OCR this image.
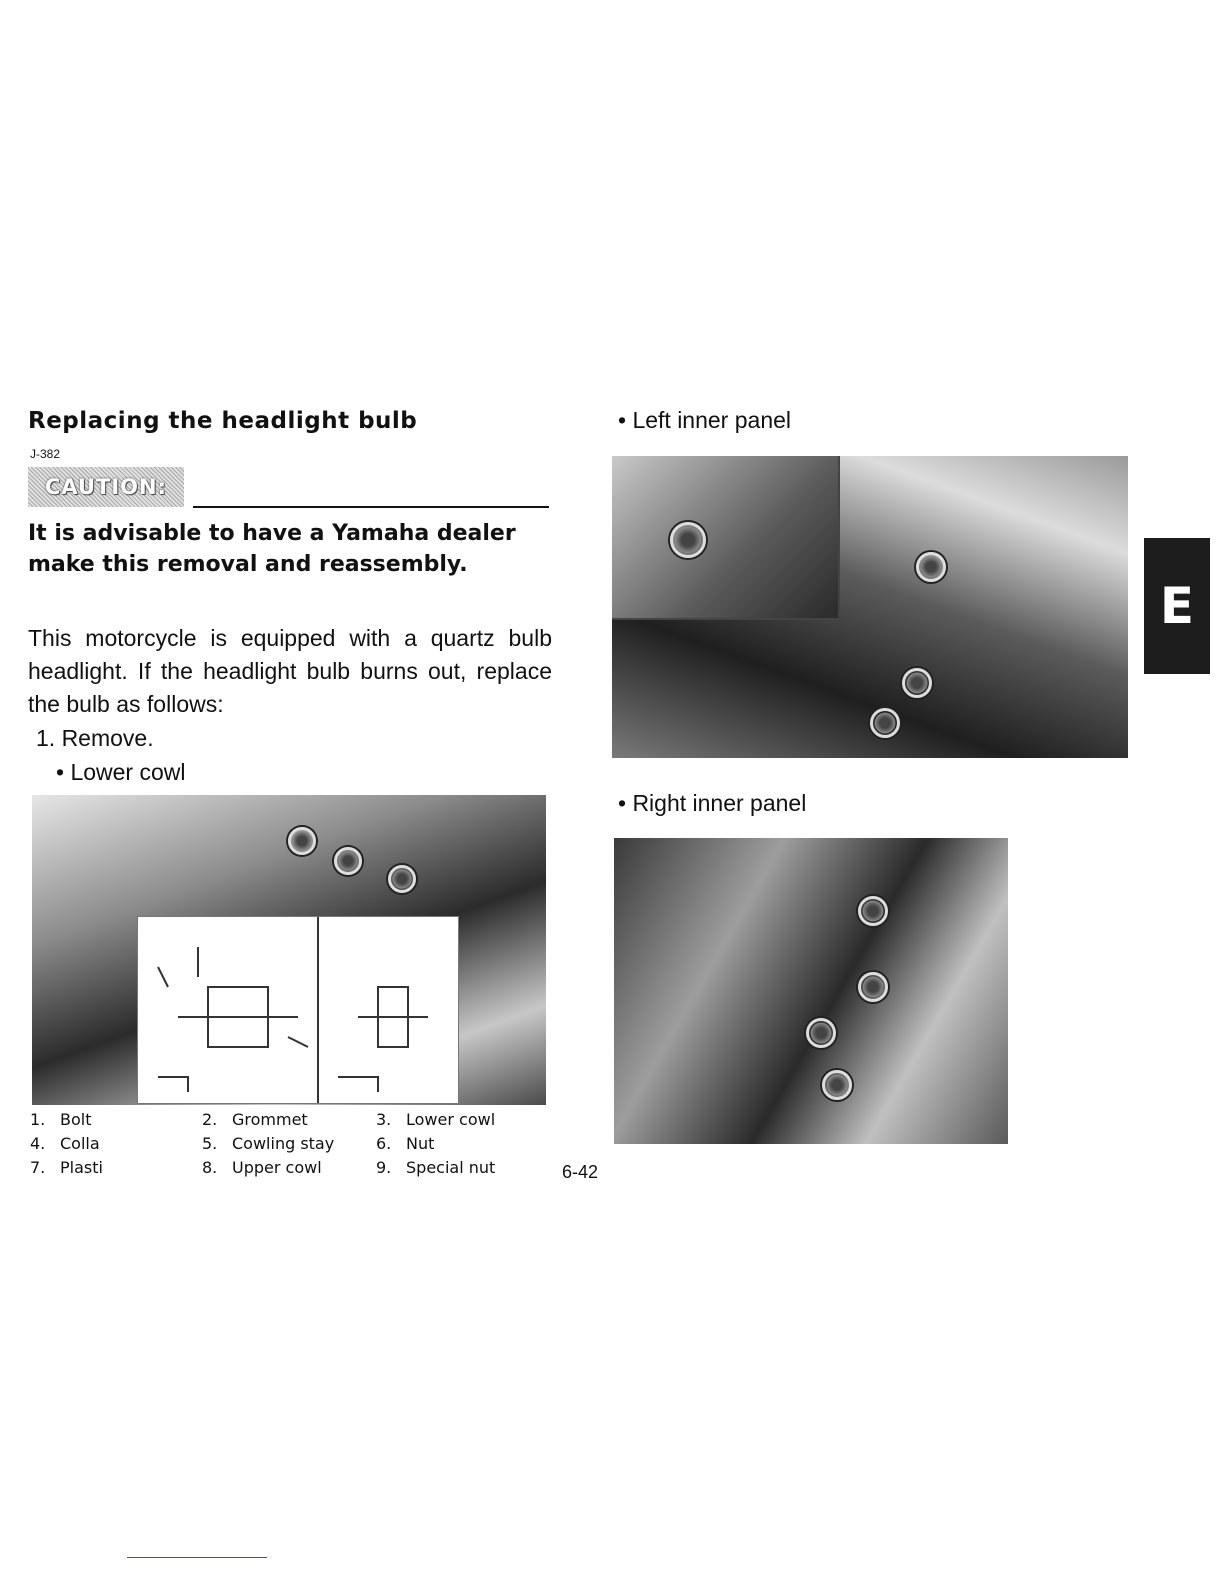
Replacing the headlight bulb
J-382
CAUTION:
It is advisable to have a Yamaha dealer make this removal and reassembly.
This motorcycle is equipped with a quartz bulb headlight. If the headlight bulb burns out, replace the bulb as follows:
1. Remove.
• Lower cowl
1. Bolt	2. Grommet	3. Lower cowl
4. Colla	5. Cowling stay	6. Nut
7. Plasti	8. Upper cowl	9. Special nut	6-42
• Left inner panel
• Right inner panel
E
